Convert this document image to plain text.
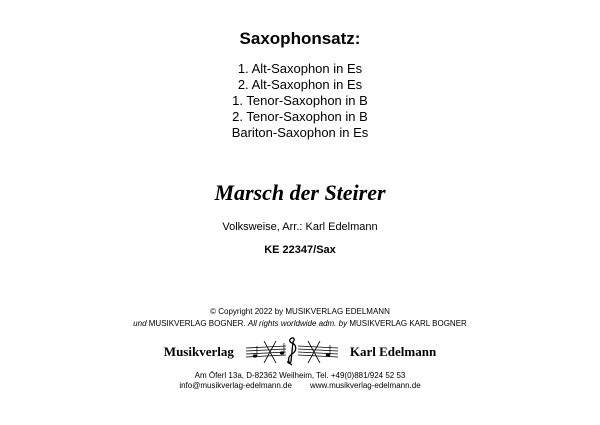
Saxophonsatz:
1. Alt-Saxophon in Es
2. Alt-Saxophon in Es
1. Tenor-Saxophon in B
2. Tenor-Saxophon in B
Bariton-Saxophon in Es
Marsch der Steirer
Volksweise, Arr.: Karl Edelmann
KE 22347/Sax
© Copyright 2022 by MUSIKVERLAG EDELMANN
und MUSIKVERLAG BOGNER. All rights worldwide adm. by MUSIKVERLAG KARL BOGNER
Musikverlag	Karl Edelmann
Am Öferl 13a, D-82362 Weilheim, Tel. +49(0)881/924 52 53
info@musikverlag-edelmann.de www.musikverlag-edelmann.de
